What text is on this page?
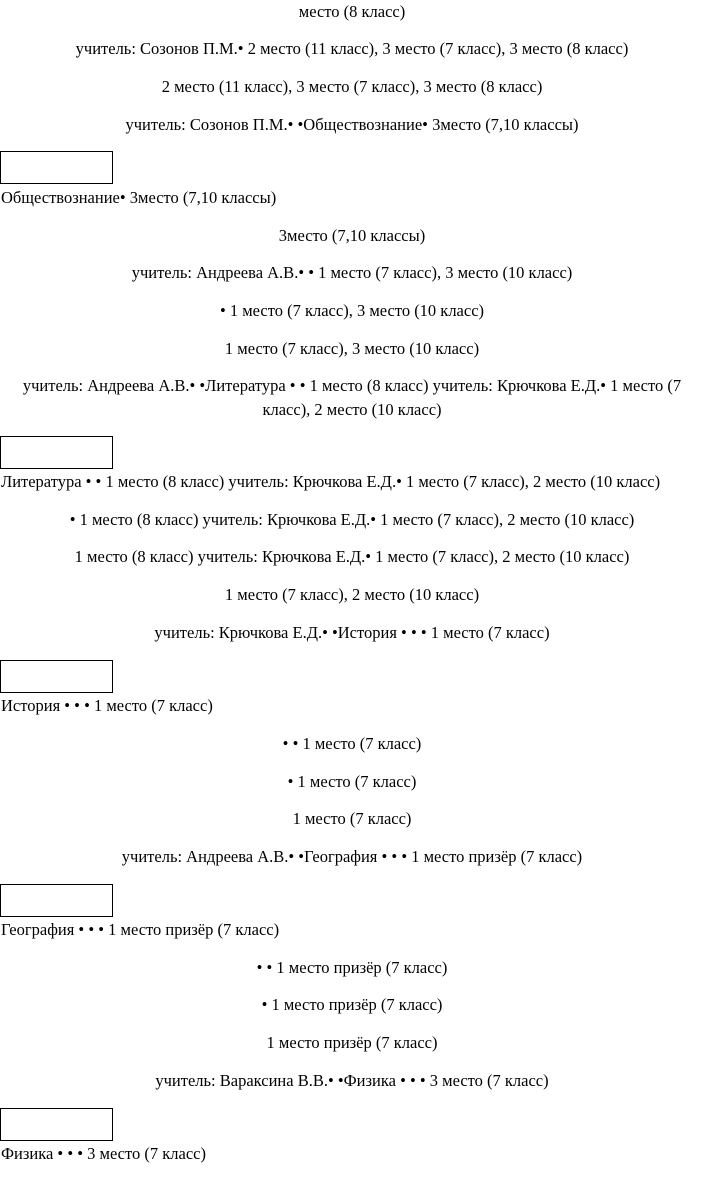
место (8 класс)
учитель: Созонов П.М.• 2 место (11 класс), 3 место (7 класс), 3 место (8 класс)
2 место (11 класс), 3 место (7 класс), 3 место (8 класс)
учитель: Созонов П.М.• •Обществознание• 3место (7,10 классы)
Обществознание• 3место (7,10 классы)
3место (7,10 классы)
учитель: Андреева А.В.• • 1 место (7 класс), 3 место (10 класс)
• 1 место (7 класс), 3 место (10 класс)
1 место (7 класс), 3 место (10 класс)
учитель: Андреева А.В.• •Литература • • 1 место (8 класс) учитель: Крючкова Е.Д.• 1 место (7 класс), 2 место (10 класс)
Литература • • 1 место (8 класс) учитель: Крючкова Е.Д.• 1 место (7 класс), 2 место (10 класс)
• 1 место (8 класс) учитель: Крючкова Е.Д.• 1 место (7 класс), 2 место (10 класс)
1 место (8 класс) учитель: Крючкова Е.Д.• 1 место (7 класс), 2 место (10 класс)
1 место (7 класс), 2 место (10 класс)
учитель: Крючкова Е.Д.• •История • • • 1 место (7 класс)
История • • • 1 место (7 класс)
• • 1 место (7 класс)
• 1 место (7 класс)
1 место (7 класс)
учитель: Андреева А.В.• •География • • • 1 место призёр (7 класс)
География • • • 1 место призёр (7 класс)
• • 1 место призёр (7 класс)
• 1 место призёр (7 класс)
1 место призёр (7 класс)
учитель: Вараксина В.В.• •Физика • • • 3 место (7 класс)
Физика • • • 3 место (7 класс)
